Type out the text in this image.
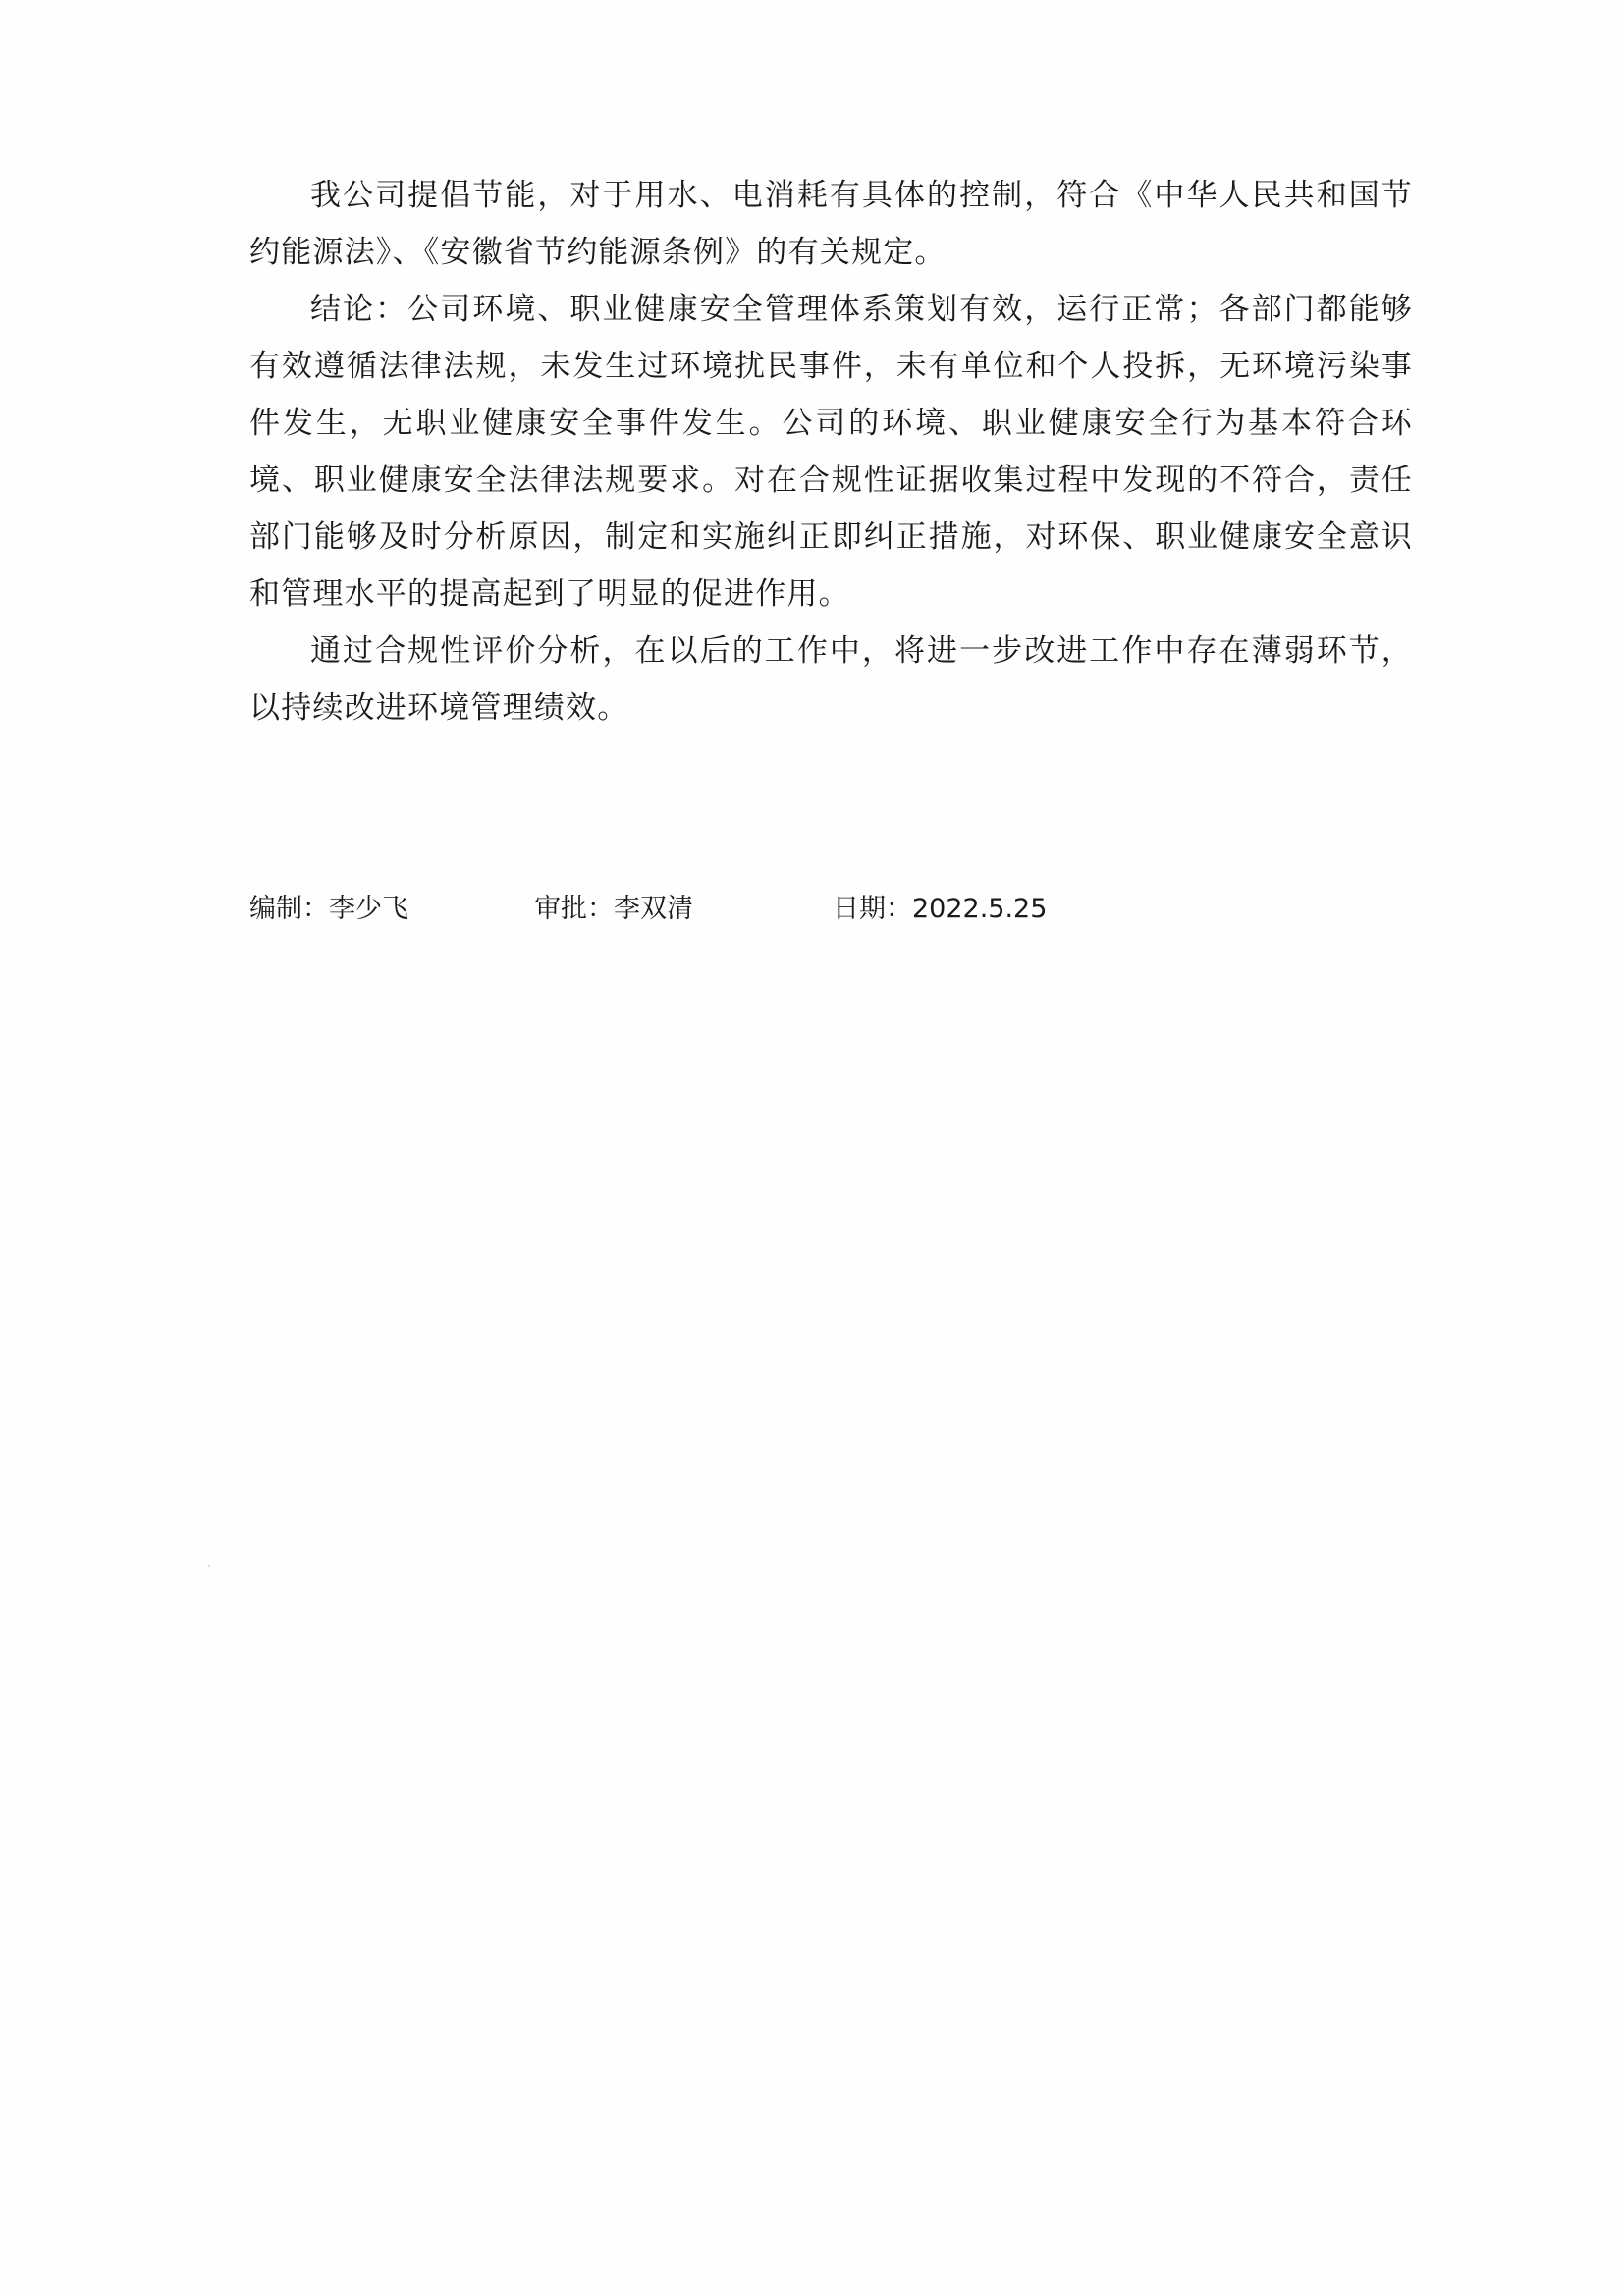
我公司提倡节能，对于用水、电消耗有具体的控制，符合《中华人民共和国节约能源法》、《安徽省节约能源条例》的有关规定。

结论：公司环境、职业健康安全管理体系策划有效，运行正常；各部门都能够有效遵循法律法规，未发生过环境扰民事件，未有单位和个人投拆，无环境污染事件发生，无职业健康安全事件发生。公司的环境、职业健康安全行为基本符合环境、职业健康安全法律法规要求。对在合规性证据收集过程中发现的不符合，责任部门能够及时分析原因，制定和实施纠正即纠正措施，对环保、职业健康安全意识和管理水平的提高起到了明显的促进作用。

通过合规性评价分析，在以后的工作中，将进一步改进工作中存在薄弱环节，以持续改进环境管理绩效。

编制：李少飞	审批：李双清	日期：2022.5.25
